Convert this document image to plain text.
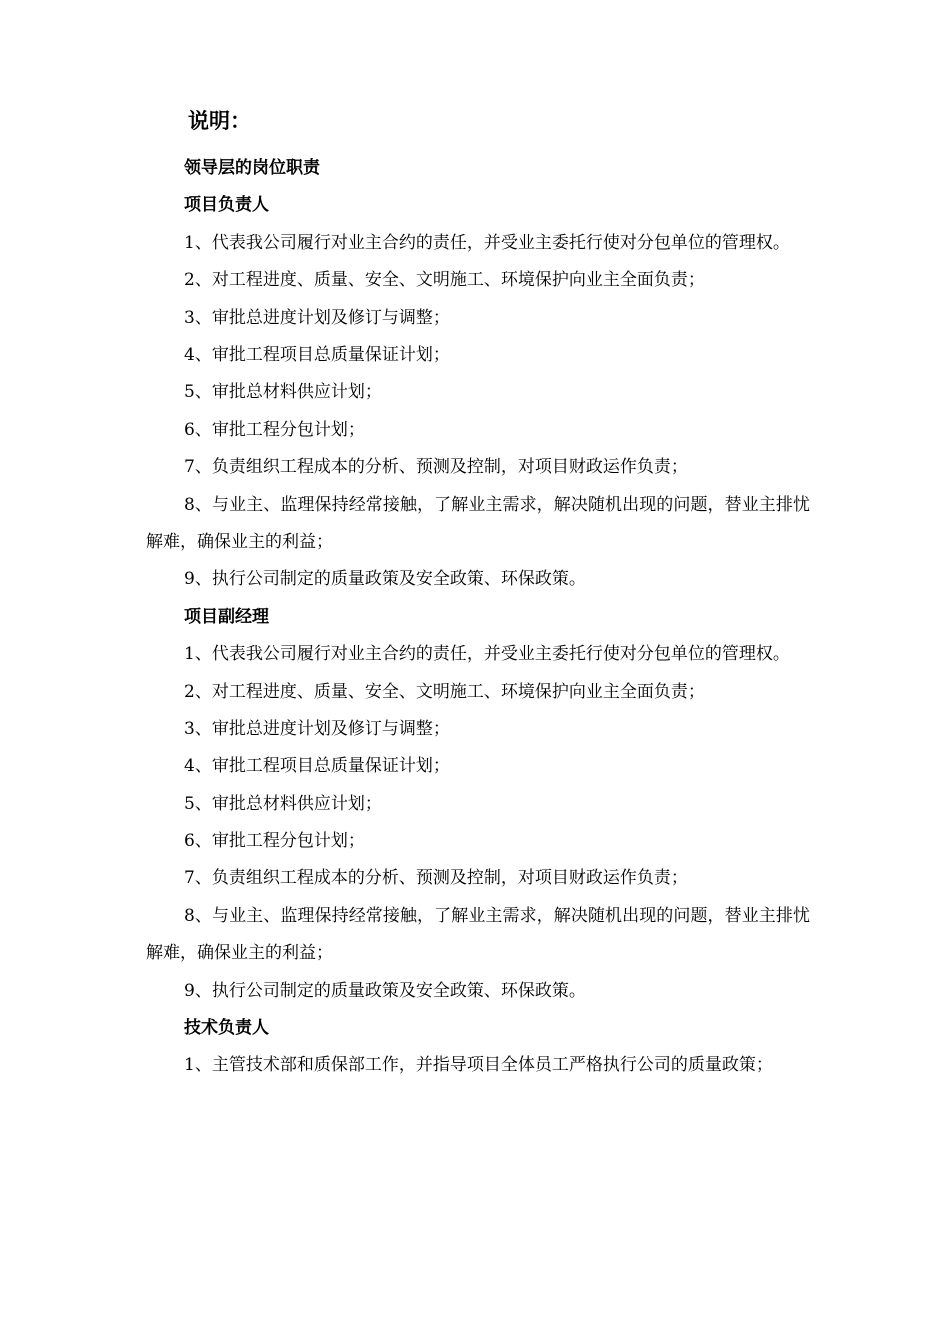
说明：
领导层的岗位职责
项目负责人

1、代表我公司履行对业主合约的责任，并受业主委托行使对分包单位的管理权。

2、对工程进度、质量、安全、文明施工、环境保护向业主全面负责；
3、审批总进度计划及修订与调整；
4、审批工程项目总质量保证计划；
5、审批总材料供应计划；
6、审批工程分包计划；
7、负责组织工程成本的分析、预测及控制，对项目财政运作负责；

8、与业主、监理保持经常接触，了解业主需求，解决随机出现的问题，替业主排忧解难，确保业主的利益；

9、执行公司制定的质量政策及安全政策、环保政策。
项目副经理

1、代表我公司履行对业主合约的责任，并受业主委托行使对分包单位的管理权。

2、对工程进度、质量、安全、文明施工、环境保护向业主全面负责；
3、审批总进度计划及修订与调整；
4、审批工程项目总质量保证计划；
5、审批总材料供应计划；
6、审批工程分包计划；
7、负责组织工程成本的分析、预测及控制，对项目财政运作负责；

8、与业主、监理保持经常接触，了解业主需求，解决随机出现的问题，替业主排忧解难，确保业主的利益；

9、执行公司制定的质量政策及安全政策、环保政策。
技术负责人

1、主管技术部和质保部工作，并指导项目全体员工严格执行公司的质量政策；
